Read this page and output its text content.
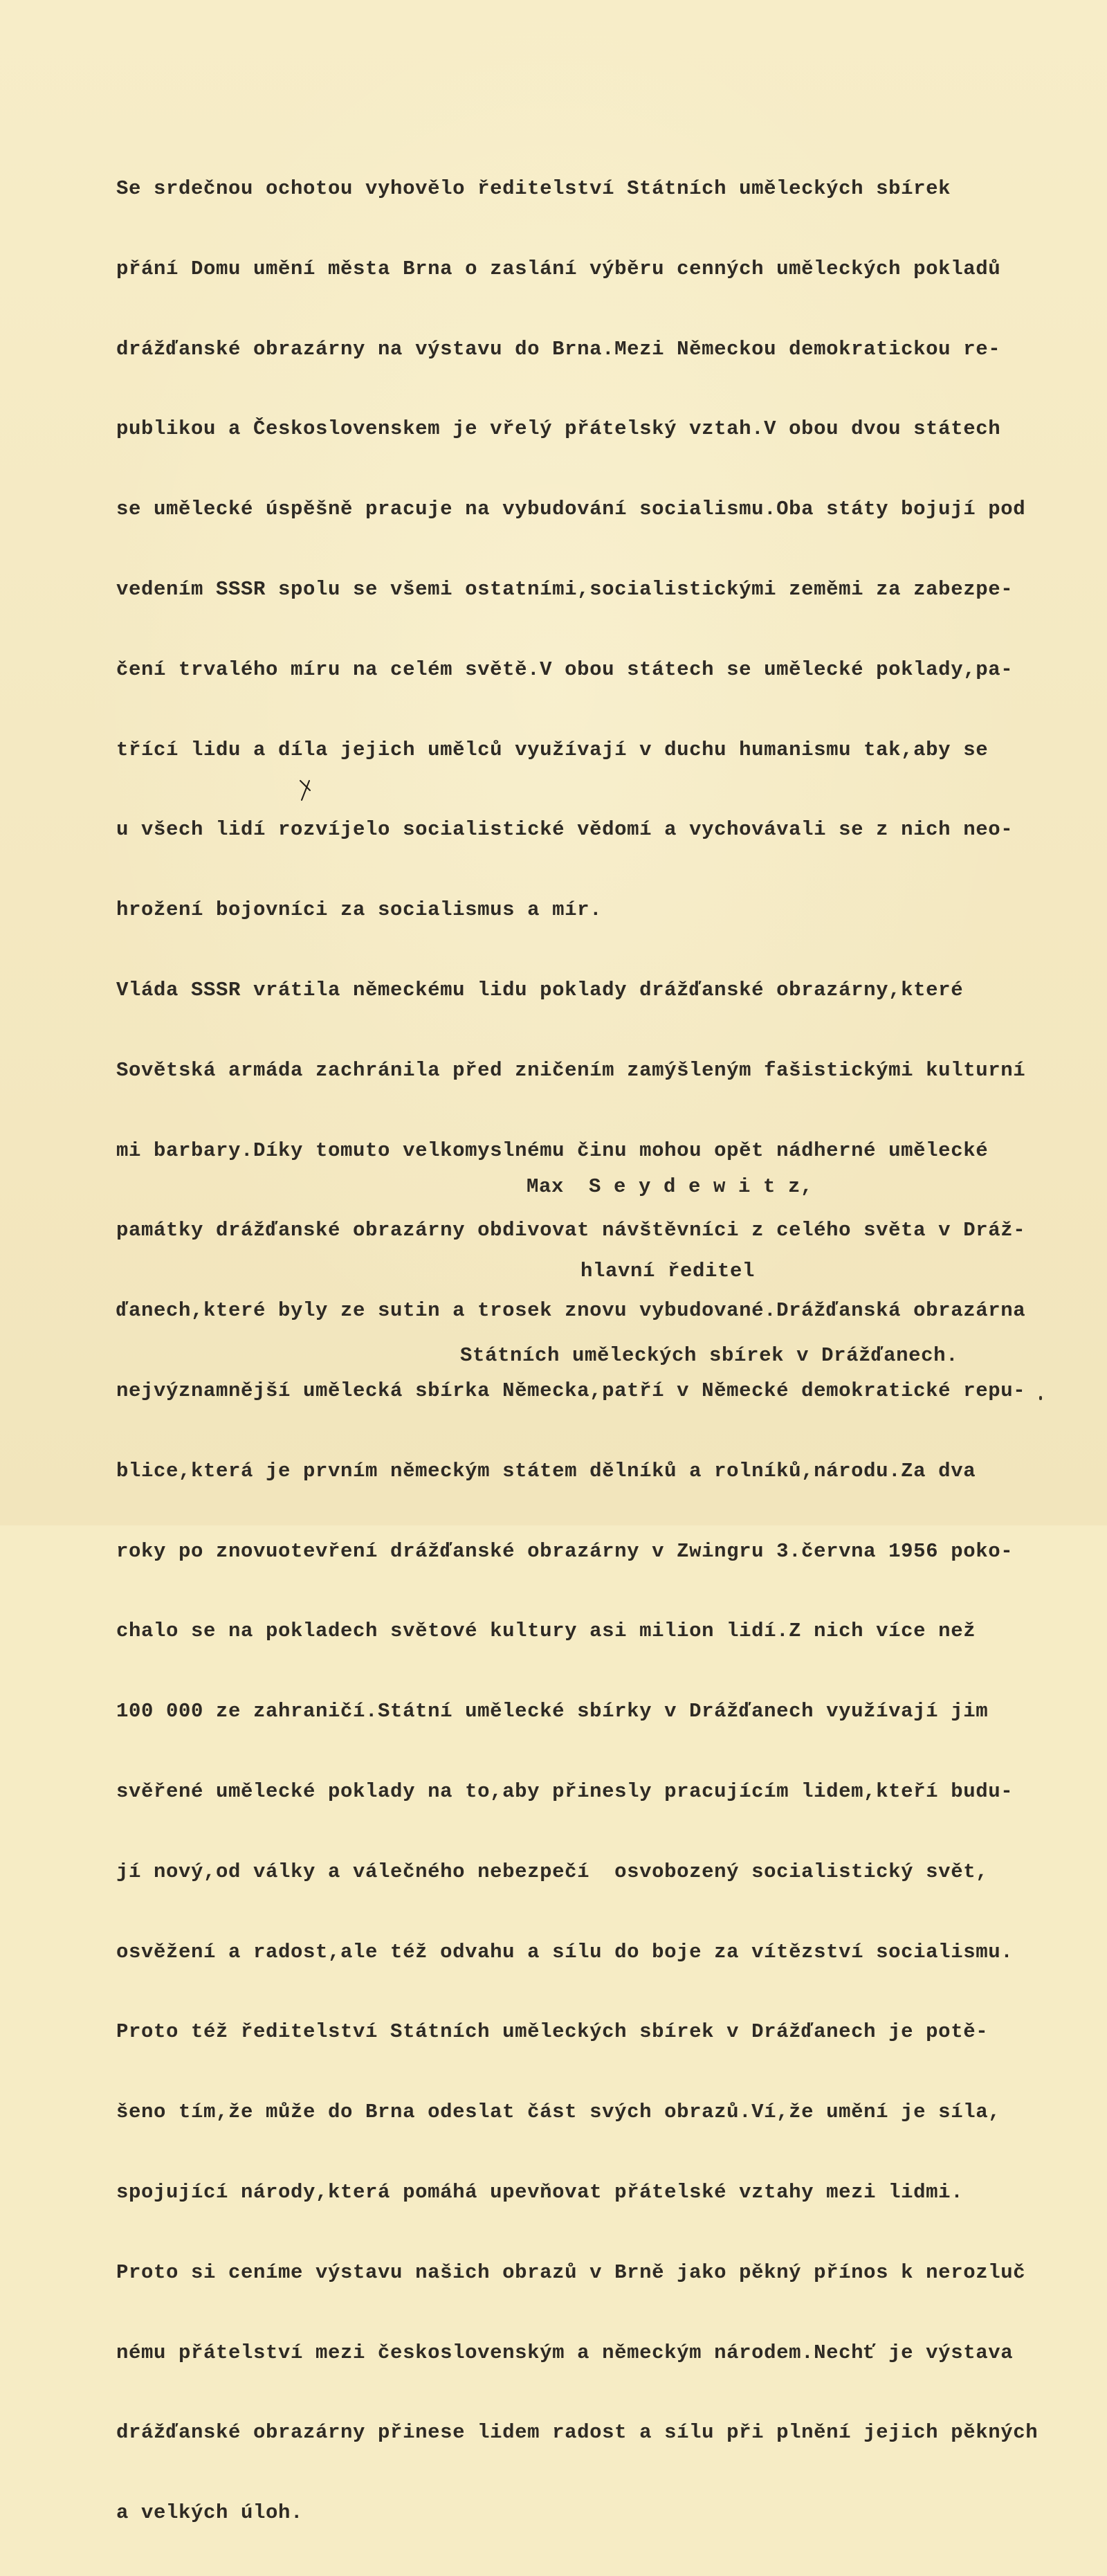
Se srdečnou ochotou vyhovělo ředitelství Státních uměleckých sbírek

přání Domu umění města Brna o zaslání výběru cenných uměleckých pokladů

drážďanské obrazárny na výstavu do Brna.Mezi Německou demokratickou re-

publikou a Československem je vřelý přátelský vztah.V obou dvou státech

se umělecké úspěšně pracuje na vybudování socialismu.Oba státy bojují pod

vedením SSSR spolu se všemi ostatními,socialistickými zeměmi za zabezpe-

čení trvalého míru na celém světě.V obou státech se umělecké poklady,pa-

třící lidu a díla jejich umělců využívají v duchu humanismu tak,aby se

u všech lidí rozvíjelo socialistické vědomí a vychovávali se z nich neo-

hrožení bojovníci za socialismus a mír.

Vláda SSSR vrátila německému lidu poklady drážďanské obrazárny,které

Sovětská armáda zachránila před zničením zamýšleným fašistickými kulturní

mi barbary.Díky tomuto velkomyslnému činu mohou opět nádherné umělecké

památky drážďanské obrazárny obdivovat návštěvníci z celého světa v Dráž-

ďanech,které byly ze sutin a trosek znovu vybudované.Drážďanská obrazárna

nejvýznamnější umělecká sbírka Německa,patří v Německé demokratické repu-

blice,která je prvním německým státem dělníků a rolníků,národu.Za dva

roky po znovuotevření drážďanské obrazárny v Zwingru 3.června 1956 poko-

chalo se na pokladech světové kultury asi milion lidí.Z nich více než

100 000 ze zahraničí.Státní umělecké sbírky v Drážďanech využívají jim

svěřené umělecké poklady na to,aby přinesly pracujícím lidem,kteří budu-

jí nový,od války a válečného nebezpečí  osvobozený socialistický svět,

osvěžení a radost,ale též odvahu a sílu do boje za vítězství socialismu.

Proto též ředitelství Státních uměleckých sbírek v Drážďanech je potě-

šeno tím,že může do Brna odeslat část svých obrazů.Ví,že umění je síla,

spojující národy,která pomáhá upevňovat přátelské vztahy mezi lidmi.

Proto si ceníme výstavu našich obrazů v Brně jako pěkný přínos k nerozluč

nému přátelství mezi československým a německým národem.Nechť je výstava

drážďanské obrazárny přinese lidem radost a sílu při plnění jejich pěkných

a velkých úloh.

Max  S e y d e w i t z,

hlavní ředitel

Státních uměleckých sbírek v Drážďanech.
